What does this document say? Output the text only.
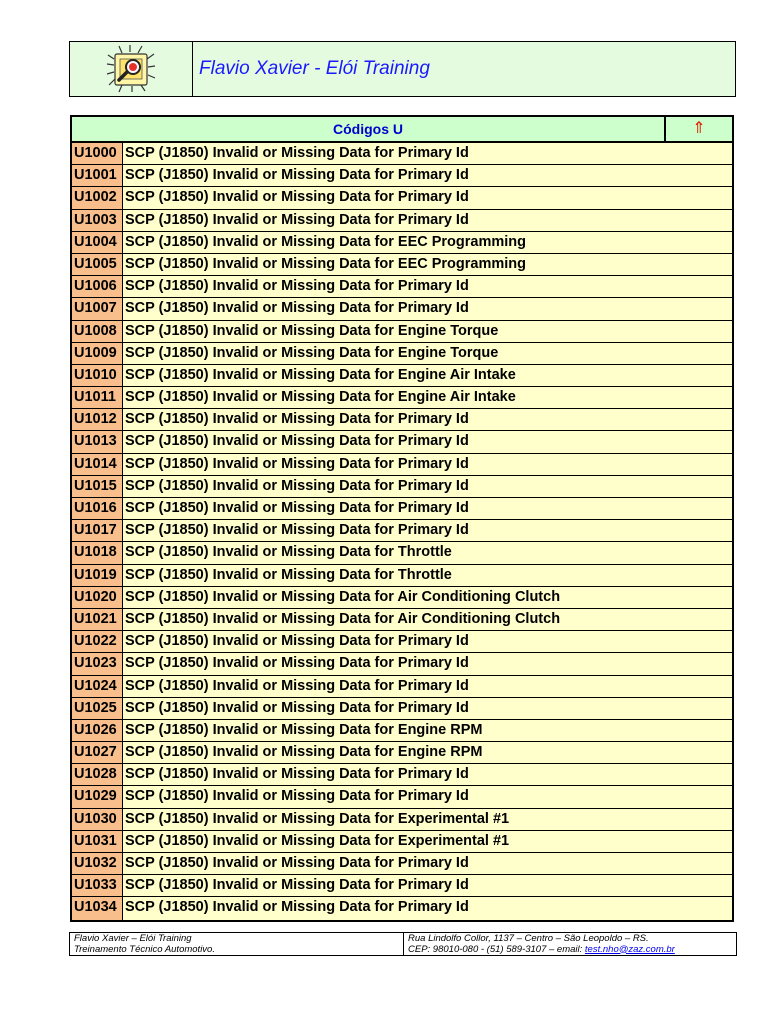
Flavio Xavier - Elói Training
Códigos U	⇑
U1000 SCP (J1850) Invalid or Missing Data for Primary Id
U1001 SCP (J1850) Invalid or Missing Data for Primary Id
U1002 SCP (J1850) Invalid or Missing Data for Primary Id
U1003 SCP (J1850) Invalid or Missing Data for Primary Id
U1004 SCP (J1850) Invalid or Missing Data for EEC Programming
U1005 SCP (J1850) Invalid or Missing Data for EEC Programming
U1006 SCP (J1850) Invalid or Missing Data for Primary Id
U1007 SCP (J1850) Invalid or Missing Data for Primary Id
U1008 SCP (J1850) Invalid or Missing Data for Engine Torque
U1009 SCP (J1850) Invalid or Missing Data for Engine Torque
U1010 SCP (J1850) Invalid or Missing Data for Engine Air Intake
U1011 SCP (J1850) Invalid or Missing Data for Engine Air Intake
U1012 SCP (J1850) Invalid or Missing Data for Primary Id
U1013 SCP (J1850) Invalid or Missing Data for Primary Id
U1014 SCP (J1850) Invalid or Missing Data for Primary Id
U1015 SCP (J1850) Invalid or Missing Data for Primary Id
U1016 SCP (J1850) Invalid or Missing Data for Primary Id
U1017 SCP (J1850) Invalid or Missing Data for Primary Id
U1018 SCP (J1850) Invalid or Missing Data for Throttle
U1019 SCP (J1850) Invalid or Missing Data for Throttle
U1020 SCP (J1850) Invalid or Missing Data for Air Conditioning Clutch
U1021 SCP (J1850) Invalid or Missing Data for Air Conditioning Clutch
U1022 SCP (J1850) Invalid or Missing Data for Primary Id
U1023 SCP (J1850) Invalid or Missing Data for Primary Id
U1024 SCP (J1850) Invalid or Missing Data for Primary Id
U1025 SCP (J1850) Invalid or Missing Data for Primary Id
U1026 SCP (J1850) Invalid or Missing Data for Engine RPM
U1027 SCP (J1850) Invalid or Missing Data for Engine RPM
U1028 SCP (J1850) Invalid or Missing Data for Primary Id
U1029 SCP (J1850) Invalid or Missing Data for Primary Id
U1030 SCP (J1850) Invalid or Missing Data for Experimental #1
U1031 SCP (J1850) Invalid or Missing Data for Experimental #1
U1032 SCP (J1850) Invalid or Missing Data for Primary Id
U1033 SCP (J1850) Invalid or Missing Data for Primary Id
U1034 SCP (J1850) Invalid or Missing Data for Primary Id
Flavio Xavier – Elói Training
Treinamento Técnico Automotivo.
Rua Lindolfo Collor, 1137 – Centro – São Leopoldo – RS.
CEP: 98010-080 - (51) 589-3107 – email: test.nho@zaz.com.br
